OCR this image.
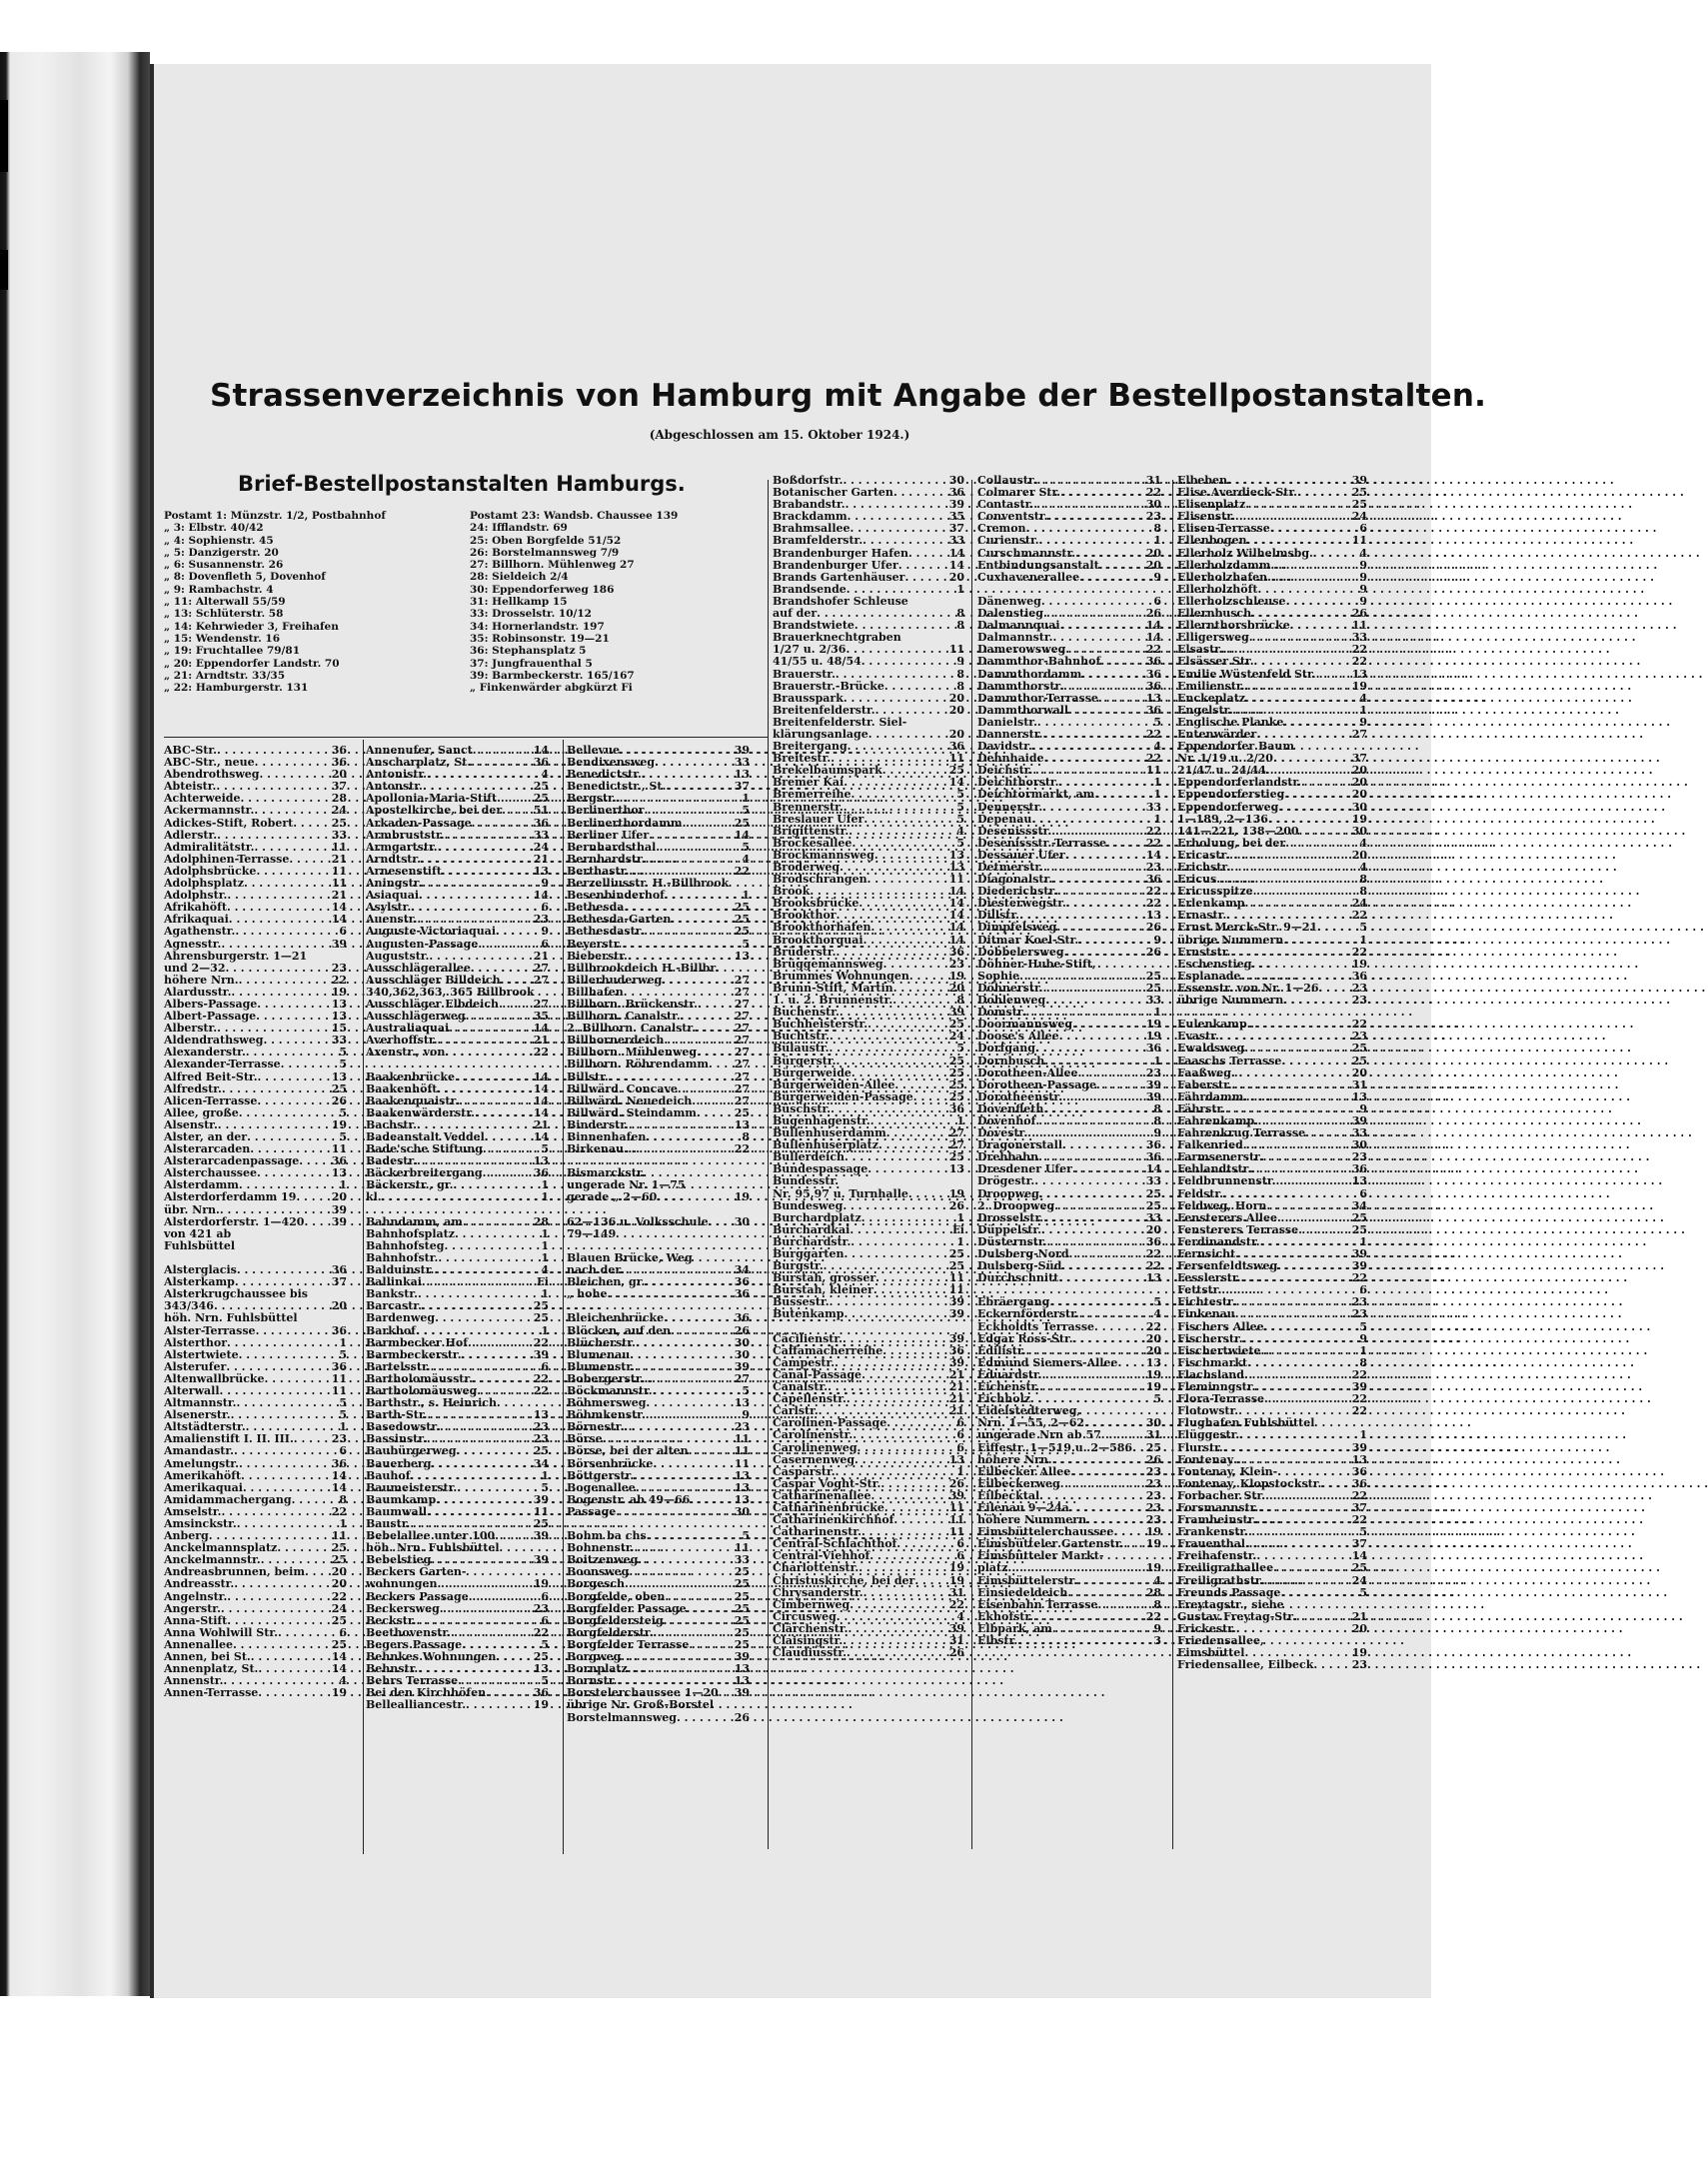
Strassenverzeichnis von Hamburg mit Angabe der Bestellpostanstalten.
(Abgeschlossen am 15. Oktober 1924.)
Brief-Bestellpostanstalten Hamburgs.
Postamt 1: Münzstr. 1/2, Postbahnhof
„ 3: Elbstr. 40/42
„ 4: Sophienstr. 45
„ 5: Danzigerstr. 20
„ 6: Susannenstr. 26
„ 8: Dovenfleth 5, Dovenhof
„ 9: Rambachstr. 4
„ 11: Alterwall 55/59
„ 13: Schlüterstr. 58
„ 14: Kehrwieder 3, Freihafen
„ 15: Wendenstr. 16
„ 19: Fruchtallee 79/81
„ 20: Eppendorfer Landstr. 70
„ 21: Arndtstr. 33/35
„ 22: Hamburgerstr. 131
Postamt 23: Wandsb. Chaussee 139
24: Ifflandstr. 69
25: Oben Borgfelde 51/52
26: Borstelmannsweg 7/9
27: Billhorn. Mühlenweg 27
28: Sieldeich 2/4
30: Eppendorferweg 186
31: Hellkamp 15
33: Drosselstr. 10/12
34: Hornerlandstr. 197
35: Robinsonstr. 19—21
36: Stephansplatz 5
37: Jungfrauenthal 5
39: Barmbeckerstr. 165/167
„ Finkenwärder abgkürzt Fi
ABC-Str. . . .	36
ABC-Str., neue . . .	36
Abendrothsweg . . .	20
Abteistr. . . .	37
Achterweide . . .	28
Ackermannstr. . . .	24
Adickes-Stift, Robert . . .	25
Adlerstr. . . .	33
Admiralitätstr. . . .	11
Adolphinen-Terrasse . . .	21
Adolphsbrücke . . .	11
Adolphsplatz . . .	11
Adolphstr. . . .	21
Afrikahöft . . .	14
Afrikaquai . . .	14
Agathenstr. . . .	6
Agnesstr. . . .	39
Ahrensburgerstr. 1—21
und 2—32 . . .	23
höhere Nrn. . . .	22
Alardusstr. . . .	19
Albers-Passage . . .	13
Albert-Passage . . .	13
Alberstr. . . .	15
Aldendrathsweg . . .	33
Alexanderstr. . . .	5
Alexander-Terrasse . . .	5
Alfred Beit-Str. . . .	13
Alfredstr. . . .	25
Alicen-Terrasse . . .	26
Allee, große . . .	5
Alsenstr. . . .	19
Alster, an der . . .	5
Alsterarcaden . . .	11
Alsterarcadenpassage . . .	36
Alsterchaussee . . .	13
Alsterdamm . . .	1
Alsterdorferdamm 19 . . .	20
übr. Nrn. . . .	39
Alsterdorferstr. 1—420 . . . 39
von 421 ab
Fuhlsbüttel
Alsterglacis . . .	36
Alsterkamp . . .	37
Alsterkrugchaussee bis
343/346 . . .	20
höh. Nrn. Fuhlsbüttel
Alster-Terrasse . . .	36
Alsterthor . . .	1
Alstertwiete . . .	5
Alsterufer . . .	36
Altenwallbrücke . . .	11
Alterwall . . .	11
Altmannstr. . . .	5
Alsenerstr. . . .	5
Altstädterstr. . . .	1
Amalienstift I. II. III. . . .	23
Amandastr. . . .	6
Amelungstr. . . .	36
Amerikahöft . . .	14
Amerikaquai . . .	14
Amidammachergang . . .	8
Amselstr. . . .	22
Amsinckstr. . . .	1
Anberg . . .	11
Anckelmannsplatz . . .	25
Anckelmannstr. . . .	25
Andreasbrunnen, beim . . . 20
Andreasstr. . . .	20
Angelnstr. . . .	22
Angerstr. . . .	24
Anna-Stift . . .	25
Anna Wohlwill Str. . . .	6
Annenallee . . .	25
Annen, bei St. . . .	14
Annenplatz, St. . . .	14
Annenstr. . . .	4
Annen-Terrasse . . .	19
Annenufer, Sanct . . .	14
Anscharplatz, St. . . .	36
Antonistr. . . .	4
Antonstr. . . .	25
Apollonia-Maria-Stift . . .	25
Apostelkirche, bei der . . .	51
Arkaden-Passage . . .	36
Armbruststr. . . .	33
Armgartstr. . . .	24
Arndtstr. . . .	21
Arnesenstift . . .	13
Aningstr. . . .	9
Asiaquai . . .	14
Asylstr. . . .	6
Auenstr. . . .	23
Auguste-Victoriaquai . . .	9
Augusten-Passage . . .	6
Auguststr. . . .	21
Ausschlägerallee . . .	27
Ausschläger Billdeich . . .	27
340,362,363, 365 Billbrook
Ausschläger Elbdeich . . .	27
Ausschlägerweg . . .	35
Australiaquai . . .	14
Averhoffstr. . . .	21
Axenstr., von . . .	22
Baakenbrücke . . .	14
Baakenhöft . . .	14
Baakenquaistr. . . .	14
Baakenwärderstr. . . .	14
Bachstr. . . .	21
Badeanstalt Veddel . . .	14
Bade'sche Stiftung . . .	5
Badestr. . . .	13
Bäckerbreitergang . . .	36
Bäckerstr., gr. . . .	1
kl. . . .	1
Bahndamm, am . . .	28
Bahnhofsplatz . . .	1
Bahnhofsteg . . .	1
Bahnhofstr. . . .	1
Balduinstr. . . .	4
Ballinkai . . .	Fi
Bankstr. . . .	1
Barcastr. . . .	25
Bardenweg . . .	25
Barkhof . . .	1
Barmbecker Hof . . .	22
Barmbeckerstr. . . .	39
Bartelsstr. . . .	6
Bartholomäusstr. . . .	22
Bartholomäusweg . . .	22
Barthstr., s. Heinrich
Barth-Str. . . .	13
Basedowstr. . . .	23
Bassinstr. . . .	23
Baubürgerweg . . .	25
Bauerberg . . .	34
Bauhof . . .	1
Baumeisterstr. . . .	5
Baumkamp . . .	39
Baumwall . . .	11
Baustr. . . .	25
Bebelallee unter 100 . . .	39
höh. Nrn. Fuhlsbüttel
Bebelstieg . . .	39
Beckers Garten-
wohnungen . . .	19
Beckers Passage . . .	6
Beckersweg . . .	23
Beckstr. . . .	6
Beethovenstr. . . .	22
Begers Passage . . .	5
Behnkes Wohnungen . . .	25
Behnstr. . . .	13
Behrs Terrasse . . .	5
Bei den Kirchhöfen . . .	36
Bellealliancestr. . . .	19
Bellevue . . .	39
Bendixensweg . . .	33
Benedictstr. . . .	13
Benedictstr., St. . . .	37
Bergstr. . . .	1
Berlinerthor . . .	5
Berlinerthordamm . . .	25
Berliner Ufer . . .	14
Bernhardsthal . . .	5
Bernhardstr. . . .	4
Berthastr. . . .	22
Berzelliusstr. H.-Billbrook
Besenbinderhof . . .	1
Bethesda . . .	25
Bethesda-Garten . . .	25
Bethesdastr. . . .	25
Beyerstr. . . .	5
Bieberstr. . . .	13
Billbrookdeich H.-Billbr.
Billerhuderweg . . .	27
Billhafen . . .	27
Billhorn. Brückenstr. . . .	27
Billhorn. Canalstr. . . .	27
2. Billhorn. Canalstr. . . .	27
Billhornerdeich . . .	27
Billhorn. Mühlenweg . . .	27
Billhorn. Röhrendamm . . . 27
Billstr. . . .	27
Billwärd. Concave . . .	27
Billwärd. Neuedeich . . .	27
Billwärd. Steindamm . . .	25
Binderstr. . . .	13
Binnenhafen . . .	8
Birkenau . . .	22
Bismarckstr.
ungerade Nr. 1—75
gerade „ 2—60 . . .	19
62—136 u. Volksschule . . . 30
79—149
Blauen Brücke, Weg
nach der . . .	34
Bleichen, gr. . . .	36
„ hohe . . .	36
Bleichenbrücke . . .	36
Blöcken, auf den . . .	26
Blücherstr. . . .	30
Blumenau . . .	30
Blumenstr. . . .	39
Bobergerstr. . . .	27
Böckmannstr. . . .	5
Böhmersweg . . .	13
Böhmkenstr. . . .	9
Börnestr. . . .	23
Börse . . .	11
Börse, bei der alten . . .	11
Börsenbrücke . . .	11
Böttgerstr. . . .	13
Bogenallee . . .	13
Bogenstr. ab 49—66 . . .	13
Passage . . .	30
Bohm ba chs . . .	5
Bohnenstr. . . .	11
Boitzenweg . . .	33
Boonsweg . . .	25
Borgesch . . .	25
Borgfelde, oben . . .	25
Borgfelder Passage . . .	25
Borgfeldersteig . . .	25
Borgfelderstr. . . .	25
Borgfelder Terrasse . . .	25
Borgweg . . .	39
Bornplatz . . .	13
Bornstr. . . .	13
Borstelerchaussee 1—20 . . . 39
übrige Nr. Groß-Borstel
Borstelmannsweg . . .	26
Boßdorfstr. . . .	30
Botanischer Garten . . .	36
Brabandstr. . . .	39
Brackdamm . . .	35
Brahmsallee . . .	37
Bramfelderstr. . . .	33
Brandenburger Hafen . . .	14
Brandenburger Ufer . . .	14
Brands Gartenhäuser . . .	20
Brandsende . . .	1
Brandshofer Schleuse
auf der . . .	8
Brandstwiete . . .	8
Brauerknechtgraben
1/27 u. 2/36 . . .	11
41/55 u. 48/54 . . .	9
Brauerstr. . . .	8
Brauerstr.-Brücke . . .	8
Brausspark . . .	20
Breitenfelderstr. . . .	20
Breitenfelderstr. Siel-
klärungsanlage . . .	20
Breitergang . . .	36
Breitestr. . . .	11
Brekelbaumspark . . .	25
Bremer Kai . . .	14
Bremerreihe . . .	5
Brennerstr. . . .	5
Breslauer Ufer . . .	5
Brigittenstr. . . .	4
Brockesallee . . .	5
Brockmannsweg . . .	13
Broderweg . . .	13
Brodschrangen . . .	11
Brook . . .	14
Brooksbrücke . . .	14
Brookthor . . .	14
Brookthorhafen . . .	14
Brookthorquai . . .	14
Brüderstr. . . .	36
Brüggemannsweg . . .	23
Brummes Wohnungen . . .	19
Brunn-Stift, Martin . . .	20
1. u. 2. Brunnenstr. . . .	8
Buchenstr. . . .	39
Buchheisterstr. . . .	25
Buchtstr. . . .	24
Bülaustr. . . .	5
Bürgerstr. . . .	25
Bürgerweide . . .	25
Bürgerweiden-Allee . . .	25
Bürgerweiden-Passage . . .	25
Büschstr. . . .	36
Bugenhagenstr. . . .	1
Bullenhuserdamm . . .	27
Bullenhuserplatz . . .	27
Bullerdeich . . .	25
Bundespassage . . .	13
Bundesstr.
Nr. 95,97 u. Turnhalle . . .	19
Bundesweg . . .	26
Burchardplatz . . .	1
Burchardkai . . .	Fi
Burchardstr. . . .	1
Burggarten . . .	25
Burgstr. . . .	25
Burstah, grosser . . .	11
Burstah, kleiner . . .	11
Bussestr. . . .	39
Butenkamp . . .	39
Cäcilienstr. . . .	39
Caffamacherreihe . . .	36
Campestr. . . .	39
Canal-Passage . . .	21
Canalstr. . . .	21
Capellenstr. . . .	21
Carlstr. . . .	21
Carolinen-Passage . . .	6
Carolinenstr. . . .	6
Carolinenweg . . .	6
Casernenweg . . .	13
Casparstr. . . .	1
Caspar Voght-Str. . . .	26
Catharinenallee . . .	39
Catharinenbrücke . . .	11
Catharinenkirchhof . . .	11
Catharinenstr. . . .	11
Central-Schlachthof . . .	6
Central-Viehhof . . .	6
Charlottenstr. . . .	19
Christuskirche, bei der . . .	19
Chrysanderstr. . . .	31
Cimbernweg . . .	22
Circusweg . . .	4
Clärchenstr. . . .	39
Claisingstr. . . .	31
Claudiusstr. . . .	26
Collaustr. . . .	31
Colmarer Str. . . .	22
Contastr. . . .	30
Conventstr. . . .	23
Cremon . . .	8
Curienstr. . . .	1
Curschmannstr. . . .	20
Entbindungsanstalt . . .	20
Cuxhavenerallee . . .	9
Dänenweg . . .	6
Dalenstieg . . .	26
Dalmannquai . . .	14
Dalmannstr. . . .	14
Damerowsweg . . .	22
Dammthor-Bahnhof . . .	36
Dammthordamm . . .	36
Dammthorstr. . . .	36
Dammthor-Terrasse . . .	13
Dammthorwall . . .	36
Danielstr. . . .	5
Dannerstr. . . .	22
Davidstr. . . .	4
Dehnhaide . . .	22
Deichstr. . . .	11
Deichthorstr. . . .	1
Deichtormarkt, am . . .	1
Dennerstr. . . .	33
Depenau . . .	1
Desenissstr. . . .	22
Desenissstr.-Terrasse . . .	22
Dessauer Ufer . . .	14
Detmerstr. . . .	23
Diagonalstr. . . .	36
Diederichstr. . . .	22
Diesterwegstr. . . .	22
Dillstr. . . .	13
Dimpfelsweg . . .	26
Ditmar Koel-Str. . . .	9
Dobbelersweg . . .	26
Döhner-Hube-Stift,
Sophie . . .	25
Döhnerstr. . . .	25
Dohlenweg . . .	33
Domstr. . . .	1
Doormannsweg . . .	19
Doose's Allee . . .	19
Dorfgang . . .	36
Dornbusch . . .	1
Dorotheen-Allee . . .	23
Dorotheen-Passage . . .	39
Dorotheenstr. . . .	39
Dovenfleth . . .	8
Dovenhof . . .	8
Dovestr. . . .	9
Dragonerstall . . .	36
Drehbahn . . .	36
Dresdener Ufer . . .	14
Drögestr. . . .	33
Droopweg . . .	25
2. Droopweg . . .	25
Drosselstr. . . .	33
Düppelstr. . . .	20
Düsternstr. . . .	36
Dulsberg-Nord . . .	22
Dulsberg-Süd . . .	22
Durchschnitt . . .	13
Ebräergang . . .	5
Eckernförderstr. . . .	4
Eckholdts Terrasse . . .	22
Edgar Ross-Str. . . .	20
Edilistr. . . .	20
Edmund Siemers-Allee . . .	13
Eduardstr. . . .	19
Eichenstr. . . .	19
Eichholz . . .	5
Eidelstedterweg,
Nrn. 1—55, 2—62 . . .	30
ungerade Nrn ab 57 . . .	31
Eiffestr. 1—519 u. 2—586 . . . 25
höhere Nrn. . . .	26
Eilbecker Allee . . .	23
Eilbeckerweg . . .	23
Eilbecktal . . .	23
Eilenau 9—24a . . .	23
höhere Nummern . . .	23
Eimsbüttelerchaussee . . .	19
Eimsbütteler Gartenstr. . . . 19
Eimsbütteler Markt-
platz . . .	19
Eimsbüttelerstr. . . .	4
Einsiedeldeich . . .	28
Eisenbahn Terrasse . . .	8
Ekhofstr. . . .	22
Elbpark, am . . .	9
Elbstr. . . .	3
Elbeben . . .	39
Elise Averdieck-Str. . . .	25
Elisenplatz . . .	25
Elisenstr. . . .	24
Elisen-Terrasse . . .	6
Ellenbogen . . .	11
Ellerholz Wilhelmsbg. . . .	4
Ellerholzdamm . . .	9
Ellerholzhafen . . .	9
Ellerholzhöft . . .	9
Ellerholzschleuse . . .	9
Ellernbusch . . .	26
Ellernthorsbrücke . . .	11
Elligersweg . . .	33
Elsastr. . . .	22
Elsässer Str. . . .	22
Emilie Wüstenfeld Str. . . .	13
Emilienstr. . . .	19
Enckeplatz . . .	4
Engelstr. . . .	1
Englische Planke . . .	9
Entenwärder . . .	27
Eppendorfer Baum
Nr. 1/19 u. 2/20 . . .	37
21/47 u. 24/44 . . .	20
Eppendorferlandstr. . . .	20
Eppendorferstieg . . .	20
Eppendorferweg . . .	30
1—189, 2—136 . . .	19
141—221, 138—200 . . .	30
Erholung, bei der . . .	4
Ericastr. . . .	20
Erichstr. . . .	4
Ericus . . .	8
Ericusspitze . . .	8
Erlenkamp . . .	24
Ernastr. . . .	22
Ernst Merck-Str. 9—21 . . .	5
übrige Nummern . . .	1
Ernststr. . . .	22
Eschenstieg . . .	19
Esplanade . . .	36
Essenstr. von Nr. 1—26 . . .	23
übrige Nummern . . .	23
Eulenkamp . . .	22
Evastr. . . .	23
Ewaldsweg . . .	25
Faaschs Terrasse . . .	25
Faaßweg . . .	20
Faberstr. . . .	31
Fährdamm . . .	13
Fährstr. . . .	9
Fahrenkamp . . .	39
Fahrenkrug Terrasse . . .	33
Falkenried . . .	30
Farmsenerstr. . . .	23
Fehlandtstr. . . .	36
Feldbrunnenstr. . . .	13
Feldstr. . . .	6
Feldweg, Horn . . .	34
Fensterers Allee . . .	25
Fensterers Terrasse . . .	25
Ferdinandstr. . . .	1
Fernsicht . . .	39
Fersenfeldtsweg . . .	39
Fesslerstr. . . .	22
Fettstr. . . .	6
Fichtestr. . . .	23
Finkenau . . .	23
Fischers Allee . . .	5
Fischerstr. . . .	9
Fischertwiete . . .	1
Fischmarkt . . .	8
Flachsland . . .	22
Fleminngstr. . . .	39
Flora-Terrasse . . .	22
Flotowstr. . . .	22
Flughafen Fuhlsbüttel
Flüggestr. . . .	1
Flurstr. . . .	39
Fontenay . . .	13
Fontenay, Klein- . . .	36
Fontenay, Klopstockstr. . . .	36
Forbacher Str. . . .	22
Forsmannstr. . . .	37
Framheinstr. . . .	22
Frankenstr. . . .	5
Frauenthal . . .	37
Freihafenstr. . . .	14
Freiligrathallee . . .	25
Freiligrathstr. . . .	24
Freunds Passage . . .	5
Freytagstr., siehe
Gustav Freytag-Str. . . .	21
Frickestr. . . .	20
Friedensallee,
Eimsbüttel . . .	19
Friedensallee, Eilbeck . . .	23
